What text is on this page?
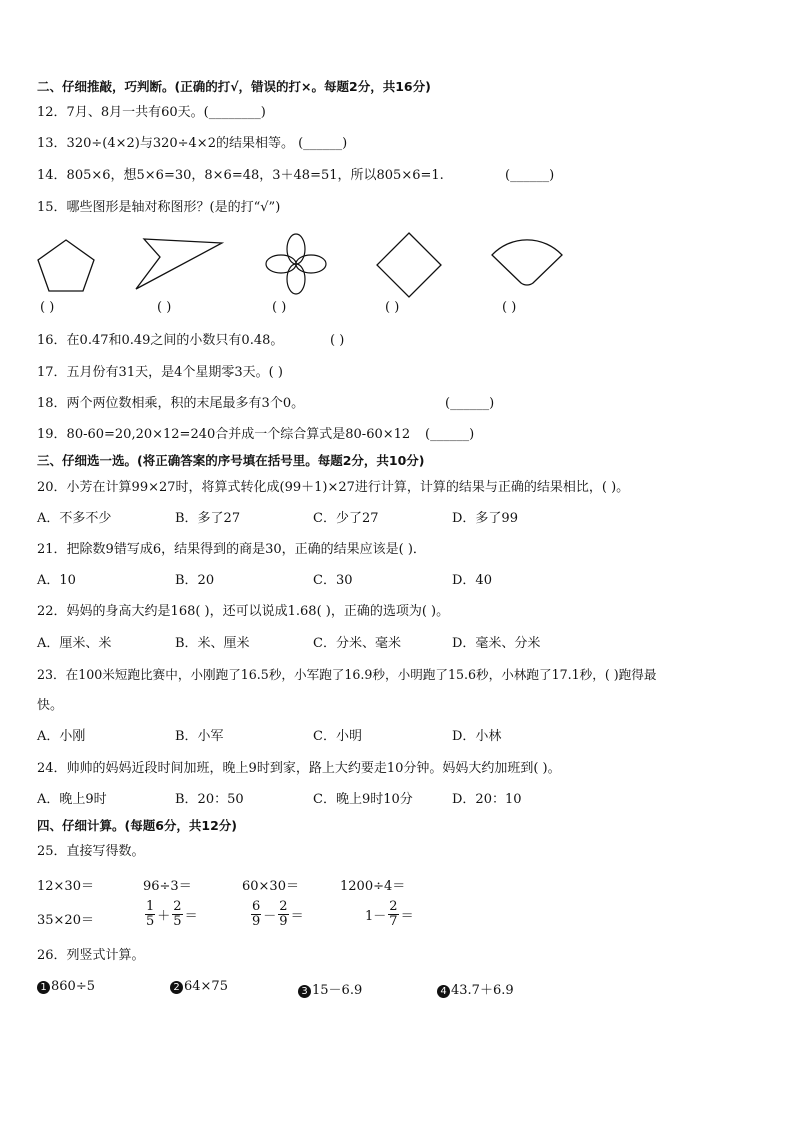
二、仔细推敲，巧判断。(正确的打√，错误的打×。每题2分，共16分)
12．7月、8月一共有60天。(________)
13．320÷(4×2)与320÷4×2的结果相等。 (______)
14．805×6，想5×6=30，8×6=48，3＋48=51，所以805×6=1.	(______)
15．哪些图形是轴对称图形？(是的打“√”)
( )	( )	( )	( )	( )
16．在0.47和0.49之间的小数只有0.48。	( )
17．五月份有31天，是4个星期零3天。( )
18．两个两位数相乘，积的末尾最多有3个0。	(______)
19．80-60=20,20×12=240合并成一个综合算式是80-60×12 (______)
三、仔细选一选。(将正确答案的序号填在括号里。每题2分，共10分)
20．小芳在计算99×27时，将算式转化成(99＋1)×27进行计算，计算的结果与正确的结果相比，( )。
A．不多不少	B．多了27	C．少了27	D．多了99
21．把除数9错写成6，结果得到的商是30，正确的结果应该是( )．
A．10	B．20	C．30	D．40
22．妈妈的身高大约是168( )，还可以说成1.68( )，正确的选项为( )。
A．厘米、米	B．米、厘米	C．分米、毫米	D．毫米、分米
23．在100米短跑比赛中，小刚跑了16.5秒，小军跑了16.9秒，小明跑了15.6秒，小林跑了17.1秒，( )跑得最
快。
A．小刚	B．小军	C．小明	D．小林
24．帅帅的妈妈近段时间加班，晚上9时到家，路上大约要走10分钟。妈妈大约加班到( )。
A．晚上9时	B．20：50	C．晚上9时10分	D．20：10
四、仔细计算。(每题6分，共12分)
25．直接写得数。
12×30＝	96÷3＝	60×30＝	1200÷4＝
35×20＝	$\frac{1}{5} + \frac{2}{5}$ ＝	$\frac{6}{9} - \frac{2}{9}$ ＝	$1- \frac{2}{7}$ ＝
26．列竖式计算。
1 860÷5	2 64×75	3 15－6.9	4 43.7＋6.9
